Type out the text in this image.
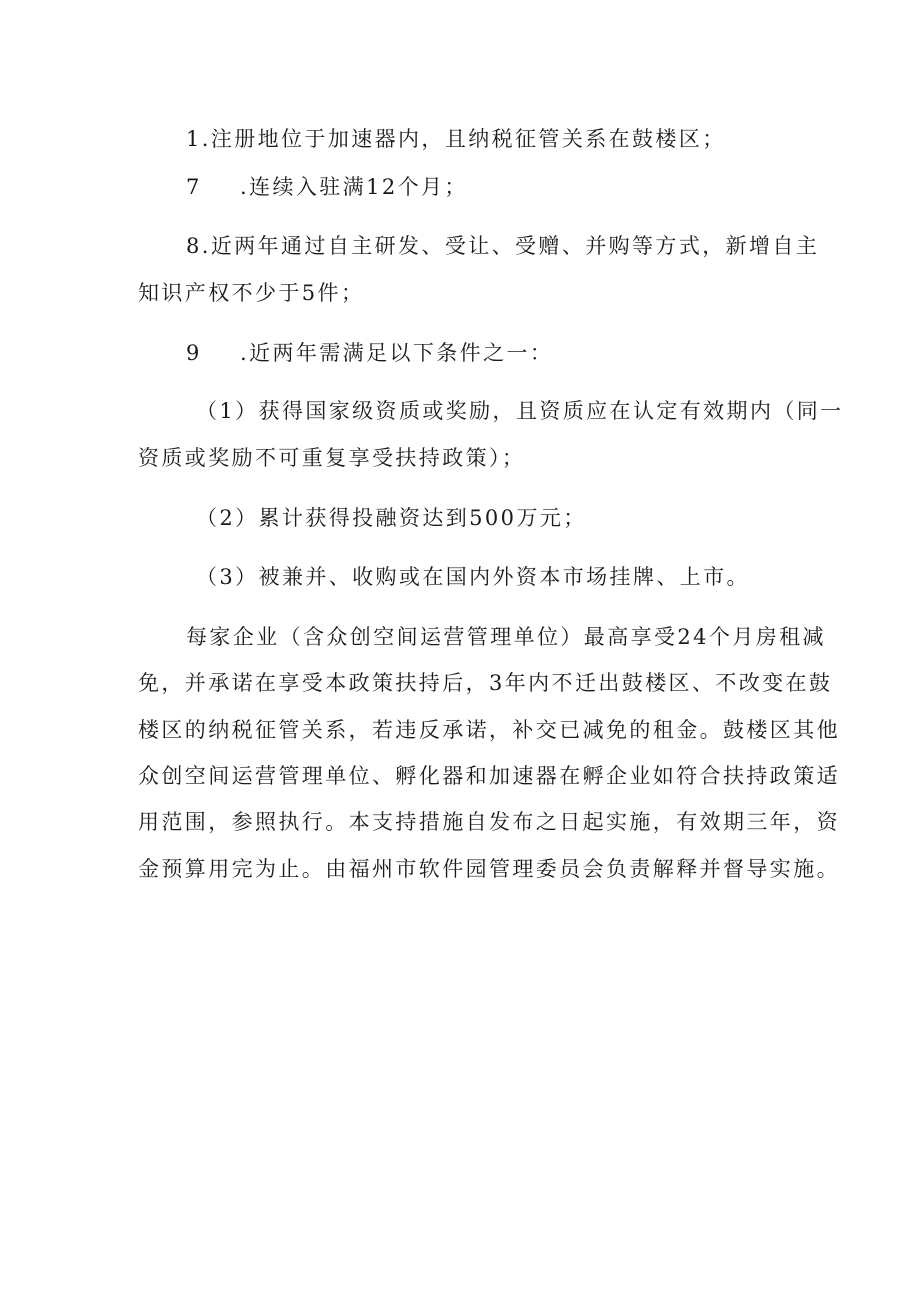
1.注册地位于加速器内，且纳税征管关系在鼓楼区；
7 .连续入驻满12个月；
8.近两年通过自主研发、受让、受赠、并购等方式，新增自主
知识产权不少于5件；
9 .近两年需满足以下条件之一：
（1）获得国家级资质或奖励，且资质应在认定有效期内（同一
资质或奖励不可重复享受扶持政策）；
（2）累计获得投融资达到500万元；
（3）被兼并、收购或在国内外资本市场挂牌、上市。
每家企业（含众创空间运营管理单位）最高享受24个月房租减
免，并承诺在享受本政策扶持后，3年内不迁出鼓楼区、不改变在鼓
楼区的纳税征管关系，若违反承诺，补交已减免的租金。鼓楼区其他
众创空间运营管理单位、孵化器和加速器在孵企业如符合扶持政策适
用范围，参照执行。本支持措施自发布之日起实施，有效期三年，资
金预算用完为止。由福州市软件园管理委员会负责解释并督导实施。
